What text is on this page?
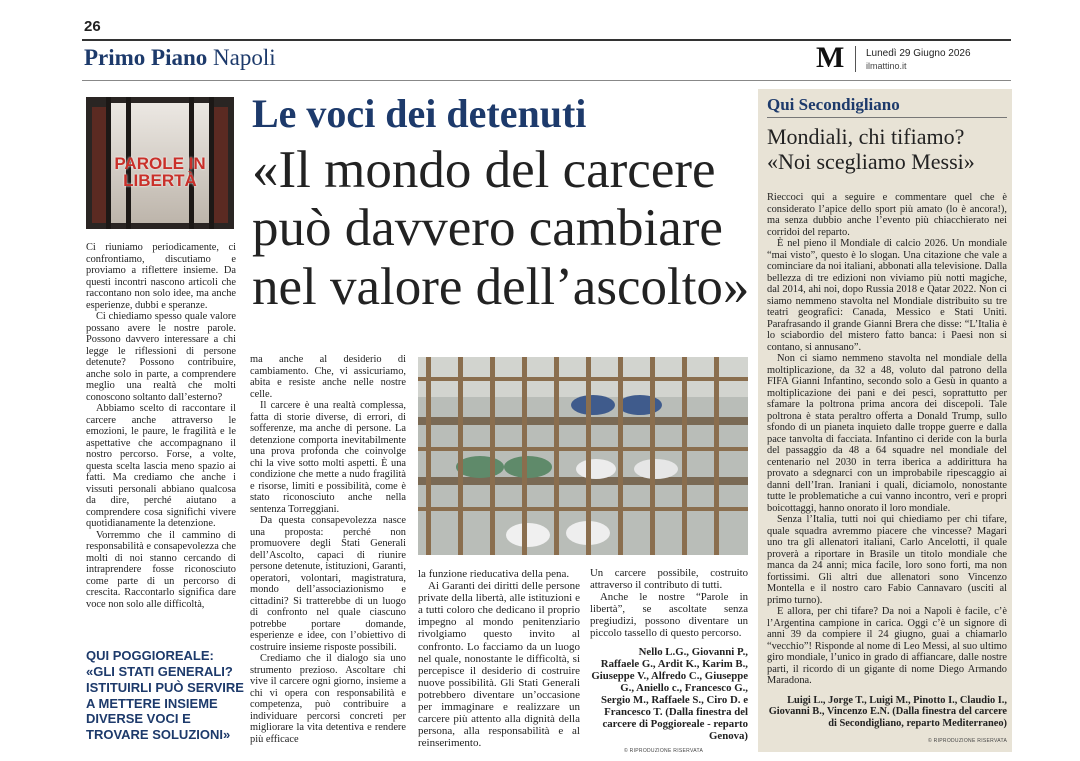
26
Primo Piano Napoli	M Lunedì 29 Giugno 2026
ilmattino.it
PAROLE IN LIBERTÀ
Le voci dei detenuti
«Il mondo del carcere può davvero cambiare nel valore dell’ascolto»

Ci riuniamo periodicamente, ci confrontiamo, discutiamo e proviamo a riflettere insieme. Da questi incontri nascono articoli che raccontano non solo idee, ma anche esperienze, dubbi e speranze.

Ci chiediamo spesso quale valore possano avere le nostre parole. Possono davvero interessare a chi legge le riflessioni di persone detenute? Possono contribuire, anche solo in parte, a comprendere meglio una realtà che molti conoscono soltanto dall’esterno?

Abbiamo scelto di raccontare il carcere anche attraverso le emozioni, le paure, le fragilità e le aspettative che accompagnano il nostro percorso. Forse, a volte, questa scelta lascia meno spazio ai fatti. Ma crediamo che anche i vissuti personali abbiano qualcosa da dire, perché aiutano a comprendere cosa significhi vivere quotidianamente la detenzione.

Vorremmo che il cammino di responsabilità e consapevolezza che molti di noi stanno cercando di intraprendere fosse riconosciuto come parte di un percorso di crescita. Raccontarlo significa dare voce non solo alle difficoltà,

QUI POGGIOREALE: «GLI STATI GENERALI? ISTITUIRLI PUÒ SERVIRE A METTERE INSIEME DIVERSE VOCI E TROVARE SOLUZIONI»

ma anche al desiderio di cambiamento. Che, vi assicuriamo, abita e resiste anche nelle nostre celle.

Il carcere è una realtà complessa, fatta di storie diverse, di errori, di sofferenze, ma anche di persone. La detenzione comporta inevitabilmente una prova profonda che coinvolge chi la vive sotto molti aspetti. È una condizione che mette a nudo fragilità e risorse, limiti e possibilità, come è stato riconosciuto anche nella sentenza Torreggiani.

Da questa consapevolezza nasce una proposta: perché non promuovere degli Stati Generali dell’Ascolto, capaci di riunire persone detenute, istituzioni, Garanti, operatori, volontari, magistratura, mondo dell’associazionismo e cittadini? Si tratterebbe di un luogo di confronto nel quale ciascuno potrebbe portare domande, esperienze e idee, con l’obiettivo di costruire insieme risposte possibili.

Crediamo che il dialogo sia uno strumento prezioso. Ascoltare chi vive il carcere ogni giorno, insieme a chi vi opera con responsabilità e competenza, può contribuire a individuare percorsi concreti per migliorare la vita detentiva e rendere più efficace

la funzione rieducativa della pena.

Ai Garanti dei diritti delle persone private della libertà, alle istituzioni e a tutti coloro che dedicano il proprio impegno al mondo penitenziario rivolgiamo questo invito al confronto. Lo facciamo da un luogo nel quale, nonostante le difficoltà, si percepisce il desiderio di costruire nuove possibilità. Gli Stati Generali potrebbero diventare un’occasione per immaginare e realizzare un carcere più attento alla dignità della persona, alla responsabilità e al reinserimento.

Un carcere possibile, costruito attraverso il contributo di tutti.

Anche le nostre “Parole in libertà”, se ascoltate senza pregiudizi, possono diventare un piccolo tassello di questo percorso.

Nello L.G., Giovanni P., Raffaele G., Ardit K., Karim B., Giuseppe V., Alfredo C., Giuseppe G., Aniello c., Francesco G., Sergio M., Raffaele S., Ciro D. e Francesco T. (Dalla finestra del carcere di Poggioreale - reparto Genova)

© RIPRODUZIONE RISERVATA
Qui Secondigliano
Mondiali, chi tifiamo? «Noi scegliamo Messi»

Rieccoci qui a seguire e commentare quel che è considerato l’apice dello sport più amato (lo è ancora!), ma senza dubbio anche l’evento più chiacchierato nei corridoi del reparto.

È nel pieno il Mondiale di calcio 2026. Un mondiale “mai visto”, questo è lo slogan. Una citazione che vale a cominciare da noi italiani, abbonati alla televisione. Dalla bellezza di tre edizioni non viviamo più notti magiche, dal 2014, ahi noi, dopo Russia 2018 e Qatar 2022. Non ci siamo nemmeno stavolta nel Mondiale distribuito su tre teatri geografici: Canada, Messico e Stati Uniti. Parafrasando il grande Gianni Brera che disse: “L’Italia è lo sciabordio del mistero fatto banca: i Paesi non si contano, si annusano”.

Non ci siamo nemmeno stavolta nel mondiale della moltiplicazione, da 32 a 48, voluto dal patrono della FIFA Gianni Infantino, secondo solo a Gesù in quanto a moltiplicazione dei pani e dei pesci, soprattutto per sfamare la poltrona prima ancora dei discepoli. Tale poltrona è stata peraltro offerta a Donald Trump, sullo sfondo di un pianeta inquieto dalle troppe guerre e dalla pace tanvolta di facciata. Infantino ci deride con la burla del passaggio da 48 a 64 squadre nel mondiale del centenario nel 2030 in terra iberica a addirittura ha provato a sdegnarci con un improbabile ripescaggio ai danni dell’Iran. Iraniani i quali, diciamolo, nonostante tutte le problematiche a cui vanno incontro, veri e propri boicottaggi, hanno onorato il loro mondiale.

Senza l’Italia, tutti noi qui chiediamo per chi tifare, quale squadra avremmo piacere che vincesse? Magari uno tra gli allenatori italiani, Carlo Ancelotti, il quale proverà a riportare in Brasile un titolo mondiale che manca da 24 anni; mica facile, loro sono forti, ma non fortissimi. Gli altri due allenatori sono Vincenzo Montella e il nostro caro Fabio Cannavaro (usciti al primo turno).

E allora, per chi tifare? Da noi a Napoli è facile, c’è l’Argentina campione in carica. Oggi c’è un signore di anni 39 da compiere il 24 giugno, guai a chiamarlo “vecchio”! Risponde al nome di Leo Messi, al suo ultimo giro mondiale, l’unico in grado di affiancare, dalle nostre parti, il ricordo di un gigante di nome Diego Armando Maradona.

Luigi L., Jorge T., Luigi M., Pinotto I., Claudio I., Giovanni B., Vincenzo E.N. (Dalla finestra del carcere di Secondigliano, reparto Mediterraneo)

© RIPRODUZIONE RISERVATA
